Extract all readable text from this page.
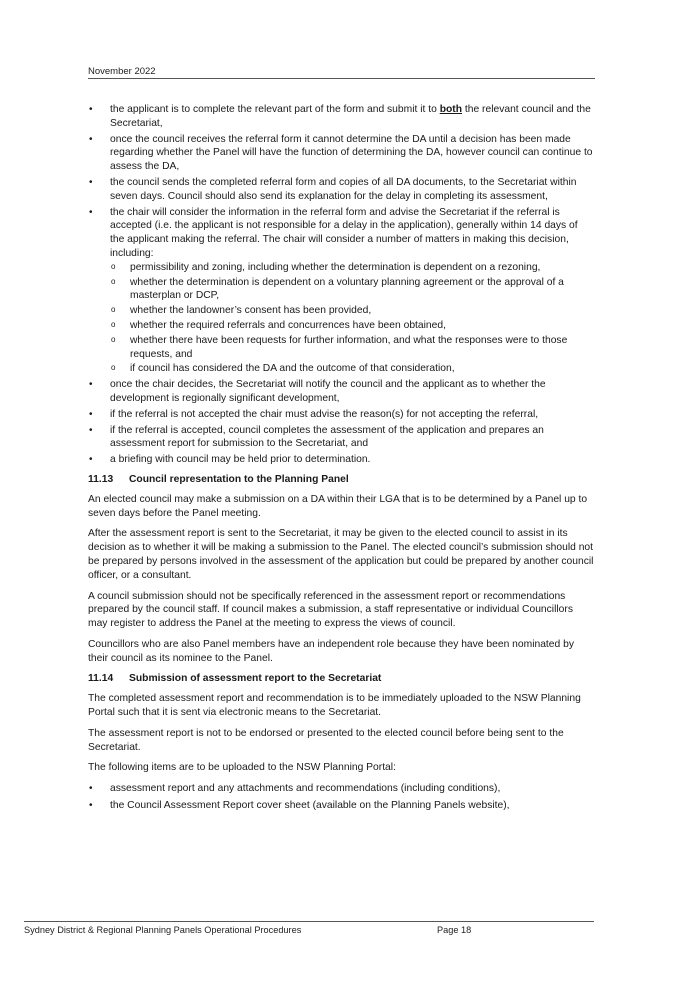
November 2022
• the applicant is to complete the relevant part of the form and submit it to both the relevant council and the Secretariat,
• once the council receives the referral form it cannot determine the DA until a decision has been made regarding whether the Panel will have the function of determining the DA, however council can continue to assess the DA,
• the council sends the completed referral form and copies of all DA documents, to the Secretariat within seven days. Council should also send its explanation for the delay in completing its assessment,
• the chair will consider the information in the referral form and advise the Secretariat if the referral is accepted (i.e. the applicant is not responsible for a delay in the application), generally within 14 days of the applicant making the referral. The chair will consider a number of matters in making this decision, including:
o permissibility and zoning, including whether the determination is dependent on a rezoning,
o whether the determination is dependent on a voluntary planning agreement or the approval of a masterplan or DCP,
o whether the landowner’s consent has been provided,
o whether the required referrals and concurrences have been obtained,
o whether there have been requests for further information, and what the responses were to those requests, and
o if council has considered the DA and the outcome of that consideration,
• once the chair decides, the Secretariat will notify the council and the applicant as to whether the development is regionally significant development,
• if the referral is not accepted the chair must advise the reason(s) for not accepting the referral,
• if the referral is accepted, council completes the assessment of the application and prepares an assessment report for submission to the Secretariat, and
• a briefing with council may be held prior to determination.
11.13 Council representation to the Planning Panel

An elected council may make a submission on a DA within their LGA that is to be determined by a Panel up to seven days before the Panel meeting.

After the assessment report is sent to the Secretariat, it may be given to the elected council to assist in its decision as to whether it will be making a submission to the Panel. The elected council’s submission should not be prepared by persons involved in the assessment of the application but could be prepared by another council officer, or a consultant.

A council submission should not be specifically referenced in the assessment report or recommendations prepared by the council staff. If council makes a submission, a staff representative or individual Councillors may register to address the Panel at the meeting to express the views of council.

Councillors who are also Panel members have an independent role because they have been nominated by their council as its nominee to the Panel.

11.14 Submission of assessment report to the Secretariat

The completed assessment report and recommendation is to be immediately uploaded to the NSW Planning Portal such that it is sent via electronic means to the Secretariat.

The assessment report is not to be endorsed or presented to the elected council before being sent to the Secretariat.

The following items are to be uploaded to the NSW Planning Portal:

• assessment report and any attachments and recommendations (including conditions),
• the Council Assessment Report cover sheet (available on the Planning Panels website),
Sydney District & Regional Planning Panels Operational Procedures	Page 18
